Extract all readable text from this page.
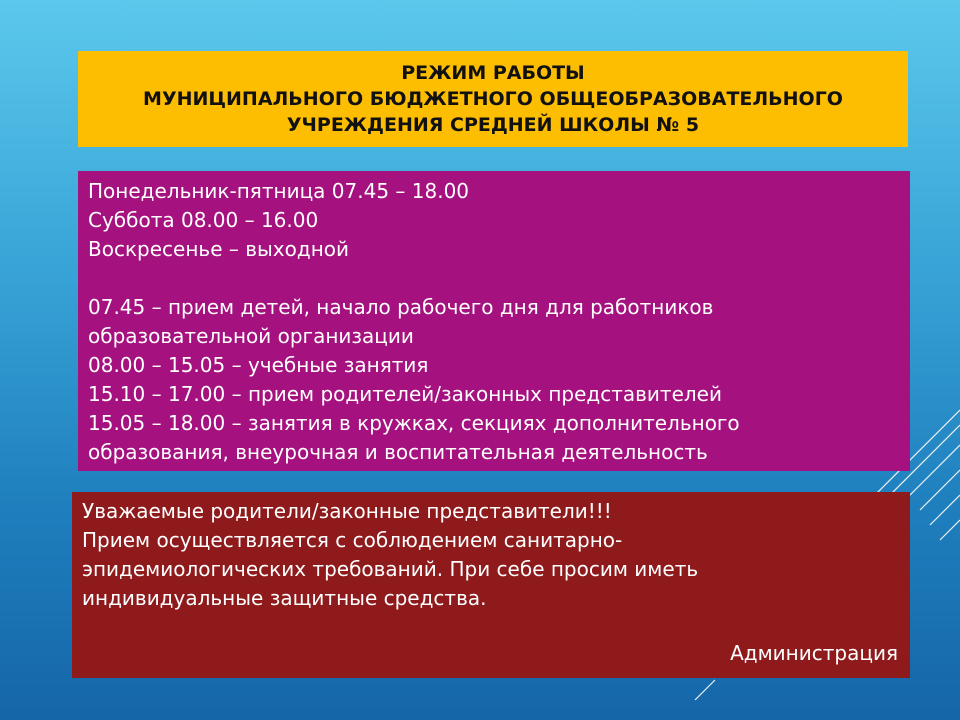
РЕЖИМ РАБОТЫ
МУНИЦИПАЛЬНОГО БЮДЖЕТНОГО ОБЩЕОБРАЗОВАТЕЛЬНОГО
УЧРЕЖДЕНИЯ СРЕДНЕЙ ШКОЛЫ № 5
Понедельник-пятница 07.45 – 18.00
Суббота 08.00 – 16.00
Воскресенье – выходной
07.45 – прием детей, начало рабочего дня для работников
образовательной организации
08.00 – 15.05 – учебные занятия
15.10 – 17.00 – прием родителей/законных представителей
15.05 – 18.00 – занятия в кружках, секциях дополнительного
образования, внеурочная и воспитательная деятельность
Уважаемые родители/законные представители!!!
Прием осуществляется с соблюдением санитарно-
эпидемиологических требований. При себе просим иметь
индивидуальные защитные средства.
Администрация
